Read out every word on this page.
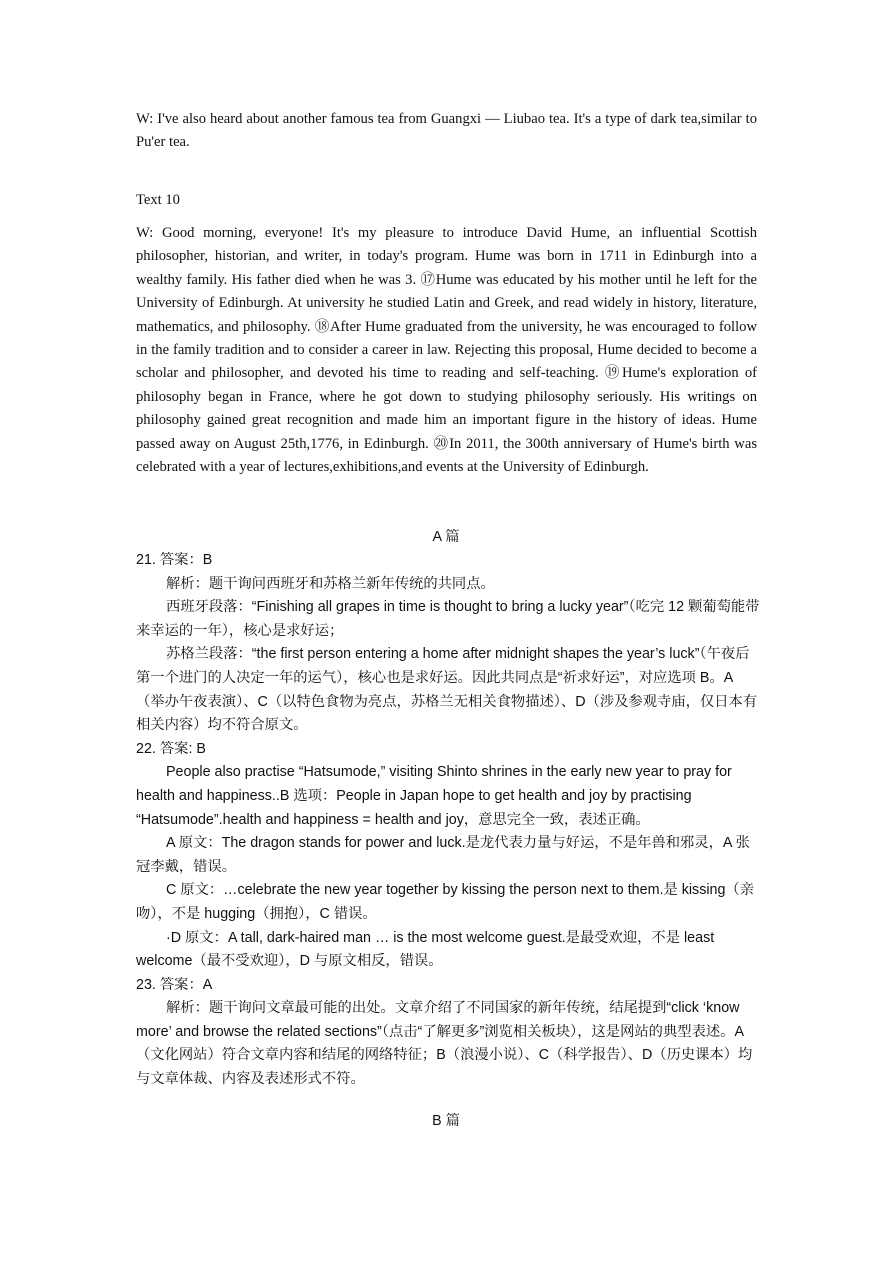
W: I've also heard about another famous tea from Guangxi — Liubao tea. It's a type of dark tea,similar to Pu'er tea.

Text 10

W: Good morning, everyone! It's my pleasure to introduce David Hume, an influential Scottish philosopher, historian, and writer, in today's program. Hume was born in 1711 in Edinburgh into a wealthy family. His father died when he was 3. ⑰Hume was educated by his mother until he left for the University of Edinburgh. At university he studied Latin and Greek, and read widely in history, literature, mathematics, and philosophy. ⑱After Hume graduated from the university, he was encouraged to follow in the family tradition and to consider a career in law. Rejecting this proposal, Hume decided to become a scholar and philosopher, and devoted his time to reading and self-teaching. ⑲Hume's exploration of philosophy began in France, where he got down to studying philosophy seriously. His writings on philosophy gained great recognition and made him an important figure in the history of ideas. Hume passed away on August 25th,1776, in Edinburgh. ⑳In 2011, the 300th anniversary of Hume's birth was celebrated with a year of lectures,exhibitions,and events at the University of Edinburgh.

A 篇

21. 答案：B

解析：题干询问西班牙和苏格兰新年传统的共同点。

西班牙段落：“Finishing all grapes in time is thought to bring a lucky year”（吃完 12 颗葡萄能带来幸运的一年），核心是求好运；

苏格兰段落：“the first person entering a home after midnight shapes the year’s luck”（午夜后第一个进门的人决定一年的运气），核心也是求好运。因此共同点是“祈求好运”，对应选项 B。A（举办午夜表演）、C（以特色食物为亮点，苏格兰无相关食物描述）、D（涉及参观寺庙，仅日本有相关内容）均不符合原文。

22. 答案: B

People also practise “Hatsumode,” visiting Shinto shrines in the early new year to pray for health and happiness..B 选项：People in Japan hope to get health and joy by practising “Hatsumode”.health and happiness = health and joy，意思完全一致，表述正确。

A 原文：The dragon stands for power and luck.是龙代表力量与好运，不是年兽和邪灵，A 张冠李戴，错误。

C 原文：…celebrate the new year together by kissing the person next to them.是 kissing（亲吻），不是 hugging（拥抱），C 错误。

·D 原文：A tall, dark-haired man … is the most welcome guest.是最受欢迎，不是 least welcome（最不受欢迎），D 与原文相反，错误。

23. 答案：A

解析：题干询问文章最可能的出处。文章介绍了不同国家的新年传统，结尾提到“click ‘know more’ and browse the related sections”（点击“了解更多”浏览相关板块），这是网站的典型表述。A（文化网站）符合文章内容和结尾的网络特征；B（浪漫小说）、C（科学报告）、D（历史课本）均与文章体裁、内容及表述形式不符。

B 篇
